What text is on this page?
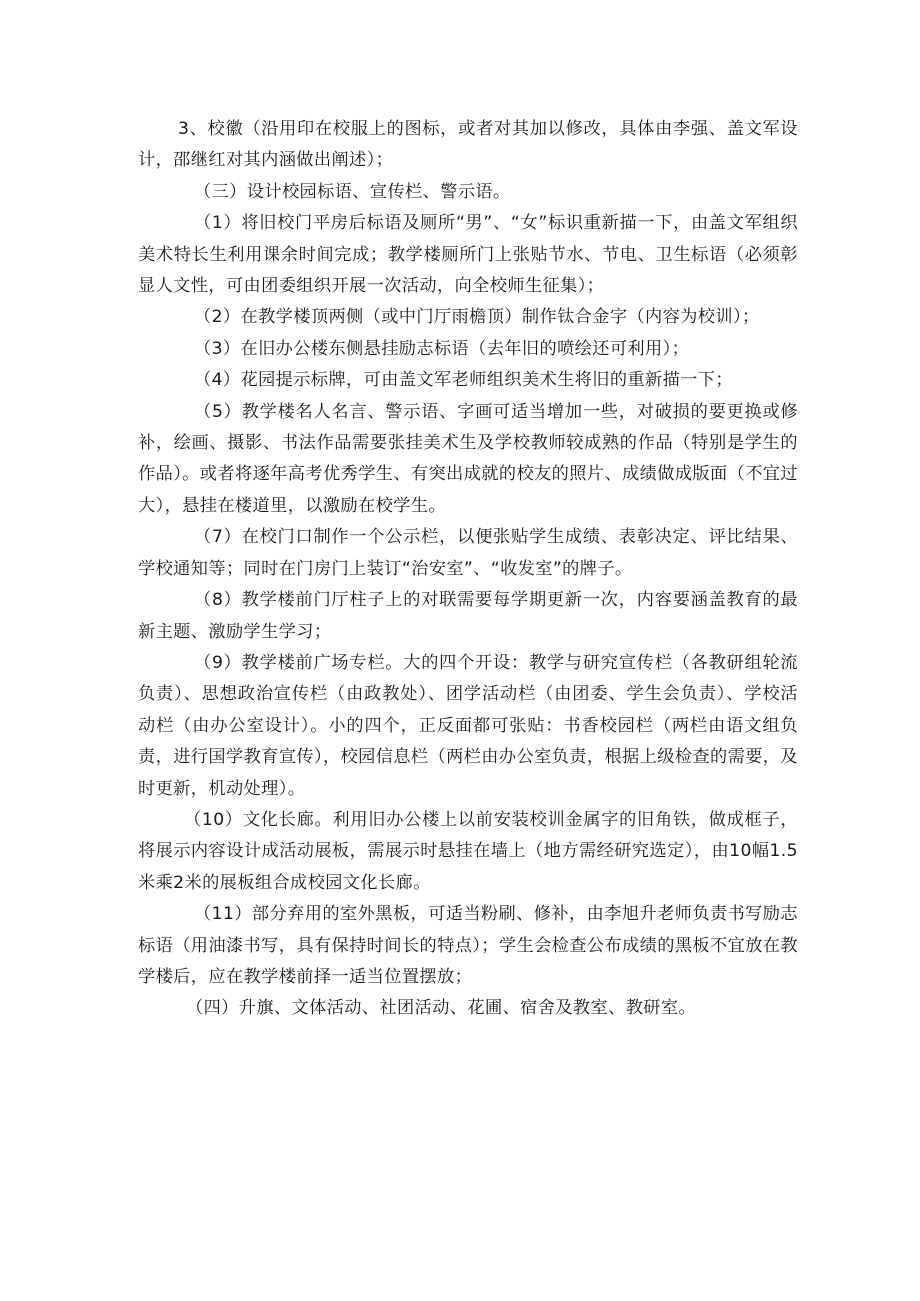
3、校徽（沿用印在校服上的图标，或者对其加以修改，具体由李强、盖文军设计，邵继红对其内涵做出阐述）；

（三）设计校园标语、宣传栏、警示语。

（1）将旧校门平房后标语及厕所“男”、“女”标识重新描一下，由盖文军组织美术特长生利用课余时间完成；教学楼厕所门上张贴节水、节电、卫生标语（必须彰显人文性，可由团委组织开展一次活动，向全校师生征集）；

（2）在教学楼顶两侧（或中门厅雨檐顶）制作钛合金字（内容为校训）；

（3）在旧办公楼东侧悬挂励志标语（去年旧的喷绘还可利用）；

（4）花园提示标牌，可由盖文军老师组织美术生将旧的重新描一下；

（5）教学楼名人名言、警示语、字画可适当增加一些，对破损的要更换或修补，绘画、摄影、书法作品需要张挂美术生及学校教师较成熟的作品（特别是学生的作品）。或者将逐年高考优秀学生、有突出成就的校友的照片、成绩做成版面（不宜过大），悬挂在楼道里，以激励在校学生。

（7）在校门口制作一个公示栏，以便张贴学生成绩、表彰决定、评比结果、学校通知等；同时在门房门上装订“治安室”、“收发室”的牌子。

（8）教学楼前门厅柱子上的对联需要每学期更新一次，内容要涵盖教育的最新主题、激励学生学习；

（9）教学楼前广场专栏。大的四个开设：教学与研究宣传栏（各教研组轮流负责）、思想政治宣传栏（由政教处）、团学活动栏（由团委、学生会负责）、学校活动栏（由办公室设计）。小的四个，正反面都可张贴：书香校园栏（两栏由语文组负责，进行国学教育宣传），校园信息栏（两栏由办公室负责，根据上级检查的需要，及时更新，机动处理）。

（10）文化长廊。利用旧办公楼上以前安装校训金属字的旧角铁，做成框子，将展示内容设计成活动展板，需展示时悬挂在墙上（地方需经研究选定），由10幅1.5米乘2米的展板组合成校园文化长廊。

（11）部分弃用的室外黑板，可适当粉刷、修补，由李旭升老师负责书写励志标语（用油漆书写，具有保持时间长的特点）；学生会检查公布成绩的黑板不宜放在教学楼后，应在教学楼前择一适当位置摆放；

（四）升旗、文体活动、社团活动、花圃、宿舍及教室、教研室。
